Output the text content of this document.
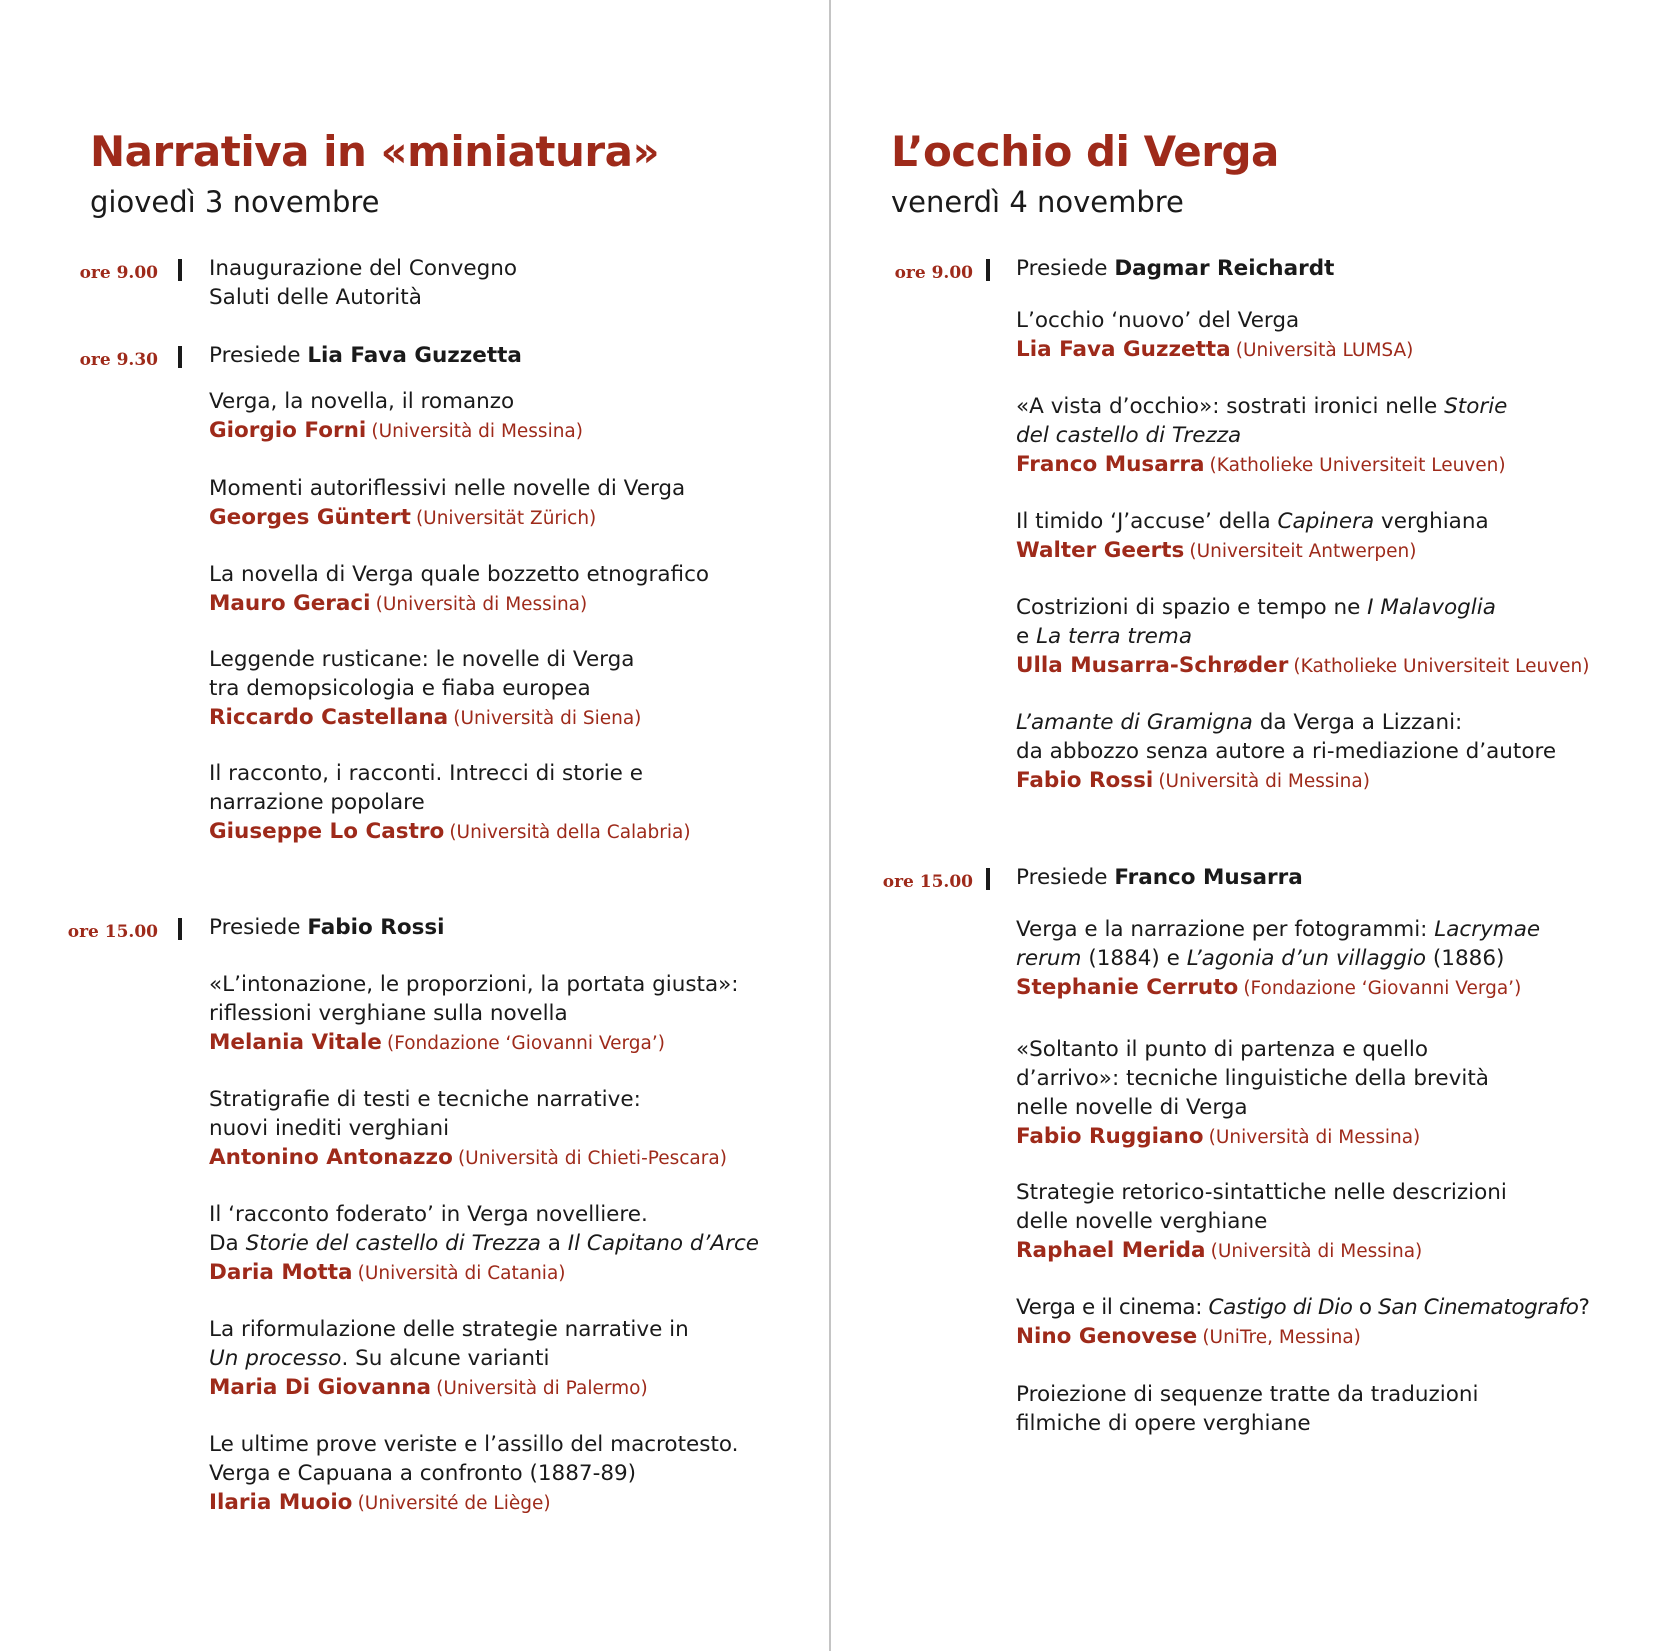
Narrativa in «miniatura»
giovedì 3 novembre
ore 9.00 Inaugurazione del Convegno
Saluti delle Autorità
ore 9.30 Presiede Lia Fava Guzzetta
Verga, la novella, il romanzo
Giorgio Forni (Università di Messina)
Momenti autoriflessivi nelle novelle di Verga
Georges Güntert (Universität Zürich)
La novella di Verga quale bozzetto etnografico
Mauro Geraci (Università di Messina)
Leggende rusticane: le novelle di Verga
tra demopsicologia e fiaba europea
Riccardo Castellana (Università di Siena)
Il racconto, i racconti. Intrecci di storie e
narrazione popolare
Giuseppe Lo Castro (Università della Calabria)
ore 15.00 Presiede Fabio Rossi
«L’intonazione, le proporzioni, la portata giusta»:
riflessioni verghiane sulla novella
Melania Vitale (Fondazione ‘Giovanni Verga’)
Stratigrafie di testi e tecniche narrative:
nuovi inediti verghiani
Antonino Antonazzo (Università di Chieti-Pescara)
Il ‘racconto foderato’ in Verga novelliere.
Da Storie del castello di Trezza a Il Capitano d’Arce
Daria Motta (Università di Catania)
La riformulazione delle strategie narrative in
Un processo. Su alcune varianti
Maria Di Giovanna (Università di Palermo)
Le ultime prove veriste e l’assillo del macrotesto.
Verga e Capuana a confronto (1887-89)
Ilaria Muoio (Université de Liège)
L’occhio di Verga
venerdì 4 novembre
ore 9.00 Presiede Dagmar Reichardt
L’occhio ‘nuovo’ del Verga
Lia Fava Guzzetta (Università LUMSA)
«A vista d’occhio»: sostrati ironici nelle Storie
del castello di Trezza
Franco Musarra (Katholieke Universiteit Leuven)
Il timido ‘J’accuse’ della Capinera verghiana
Walter Geerts (Universiteit Antwerpen)
Costrizioni di spazio e tempo ne I Malavoglia
e La terra trema
Ulla Musarra-Schrøder (Katholieke Universiteit Leuven)
L’amante di Gramigna da Verga a Lizzani:
da abbozzo senza autore a ri-mediazione d’autore
Fabio Rossi (Università di Messina)
ore 15.00 Presiede Franco Musarra
Verga e la narrazione per fotogrammi: Lacrymae
rerum (1884) e L’agonia d’un villaggio (1886)
Stephanie Cerruto (Fondazione ‘Giovanni Verga’)
«Soltanto il punto di partenza e quello
d’arrivo»: tecniche linguistiche della brevità
nelle novelle di Verga
Fabio Ruggiano (Università di Messina)
Strategie retorico-sintattiche nelle descrizioni
delle novelle verghiane
Raphael Merida (Università di Messina)
Verga e il cinema: Castigo di Dio o San Cinematografo?
Nino Genovese (UniTre, Messina)
Proiezione di sequenze tratte da traduzioni
filmiche di opere verghiane
